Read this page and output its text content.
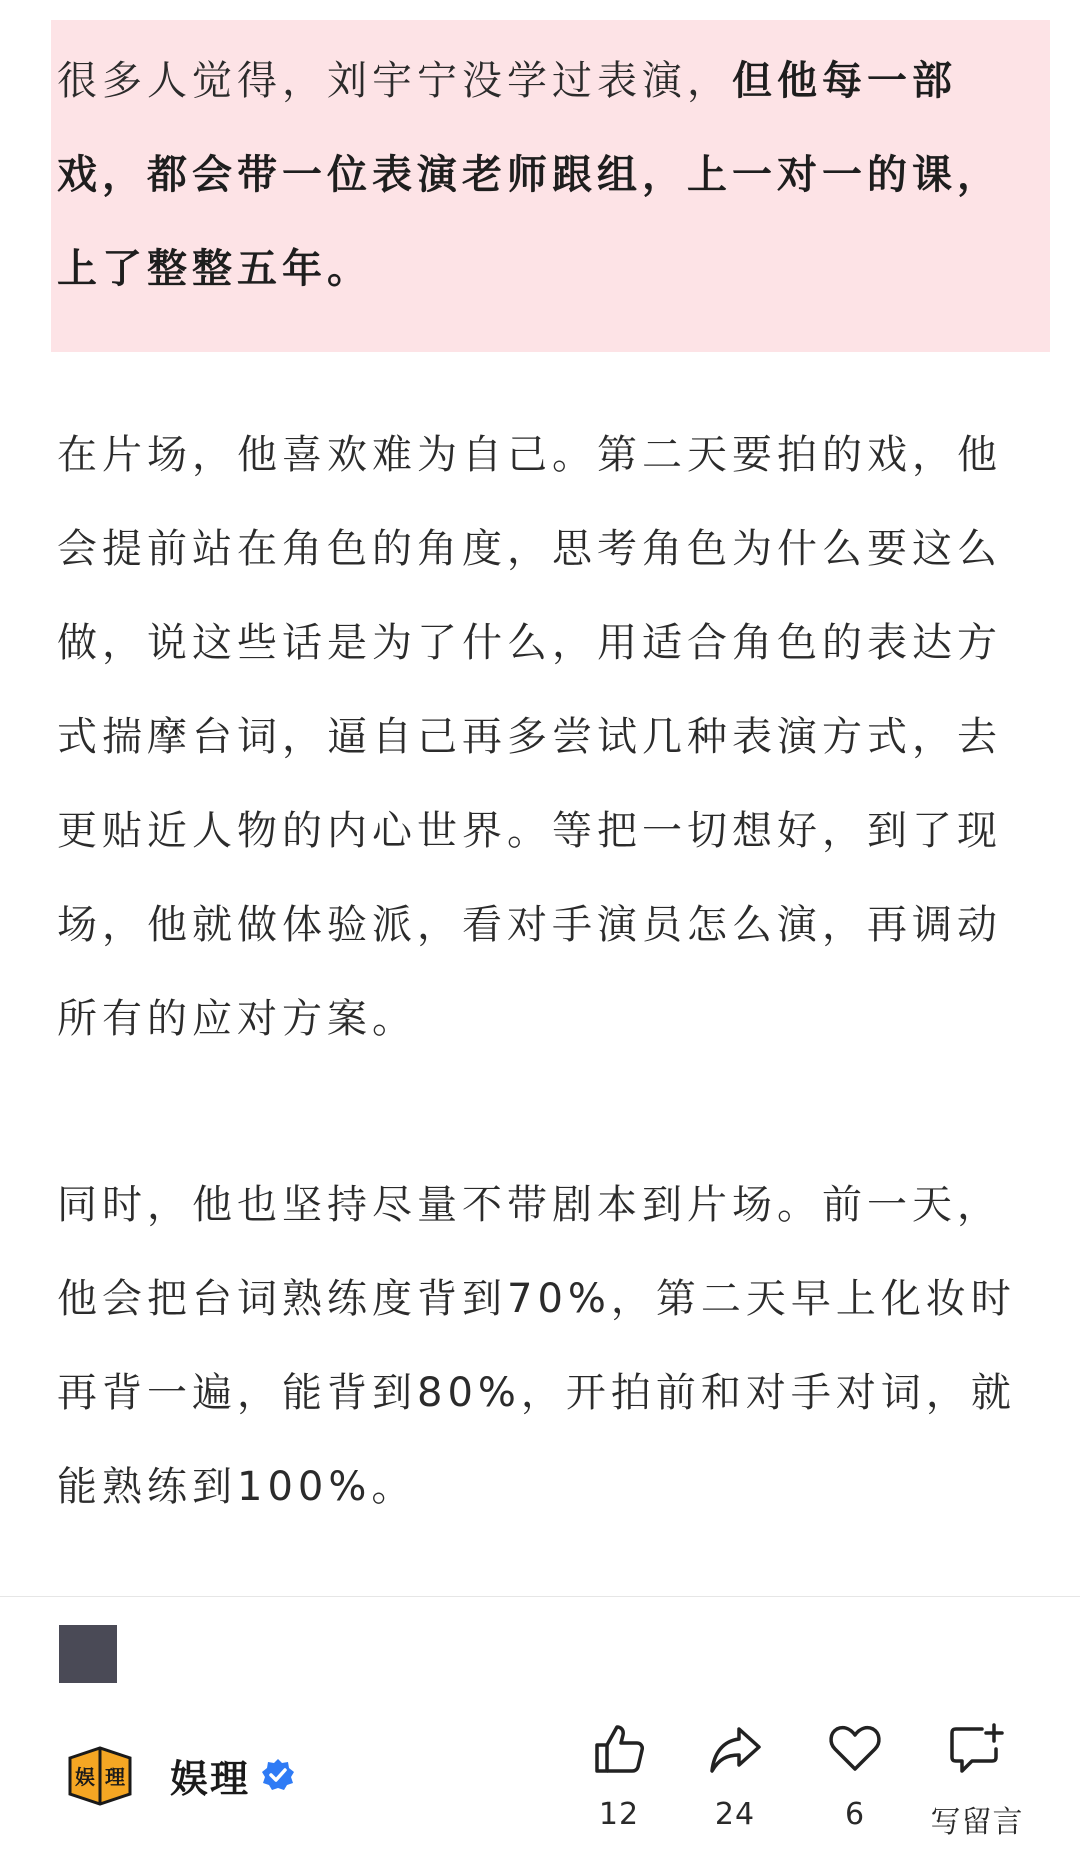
很多人觉得，刘宇宁没学过表演，但他每一部戏，都会带一位表演老师跟组，上一对一的课，上了整整五年。

在片场，他喜欢难为自己。第二天要拍的戏，他会提前站在角色的角度，思考角色为什么要这么做，说这些话是为了什么，用适合角色的表达方式揣摩台词，逼自己再多尝试几种表演方式，去更贴近人物的内心世界。等把一切想好，到了现场，他就做体验派，看对手演员怎么演，再调动所有的应对方案。

同时，他也坚持尽量不带剧本到片场。前一天，他会把台词熟练度背到70%，第二天早上化妆时再背一遍，能背到80%，开拍前和对手对词，就能熟练到100%。

娱 理 娱理
12	24	6	写留言
